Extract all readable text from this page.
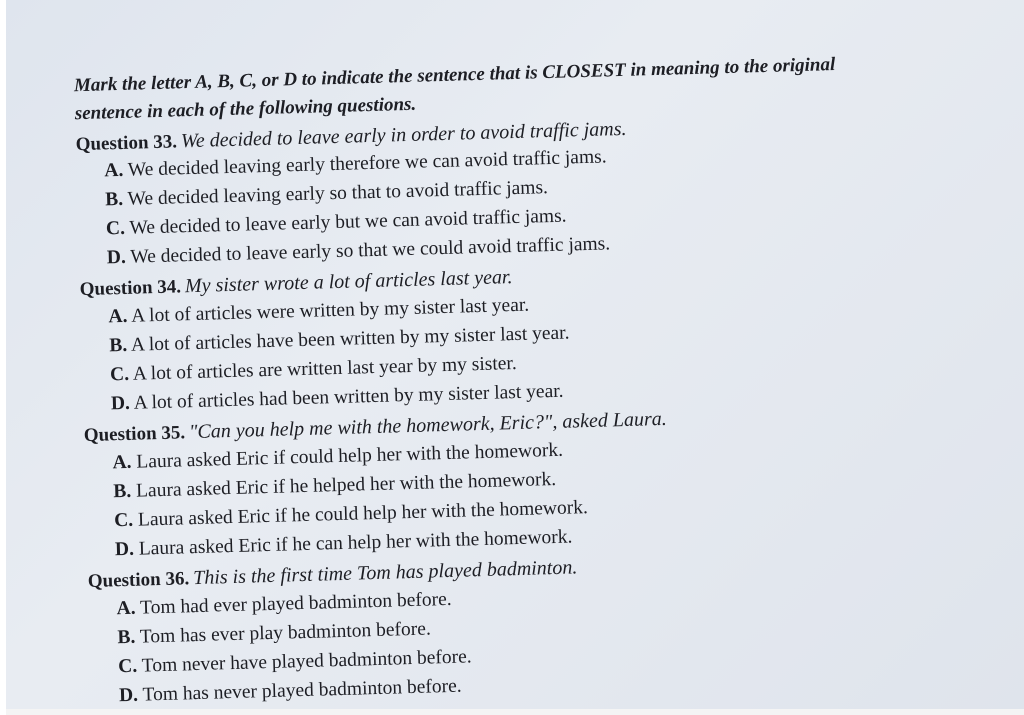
Mark the letter A, B, C, or D to indicate the sentence that is CLOSEST in meaning to the original
sentence in each of the following questions.
Question 33. We decided to leave early in order to avoid traffic jams.
A. We decided leaving early therefore we can avoid traffic jams.
B. We decided leaving early so that to avoid traffic jams.
C. We decided to leave early but we can avoid traffic jams.
D. We decided to leave early so that we could avoid traffic jams.
Question 34. My sister wrote a lot of articles last year.
A. A lot of articles were written by my sister last year.
B. A lot of articles have been written by my sister last year.
C. A lot of articles are written last year by my sister.
D. A lot of articles had been written by my sister last year.
Question 35. "Can you help me with the homework, Eric?", asked Laura.
A. Laura asked Eric if could help her with the homework.
B. Laura asked Eric if he helped her with the homework.
C. Laura asked Eric if he could help her with the homework.
D. Laura asked Eric if he can help her with the homework.
Question 36. This is the first time Tom has played badminton.
A. Tom had ever played badminton before.
B. Tom has ever play badminton before.
C. Tom never have played badminton before.
D. Tom has never played badminton before.
